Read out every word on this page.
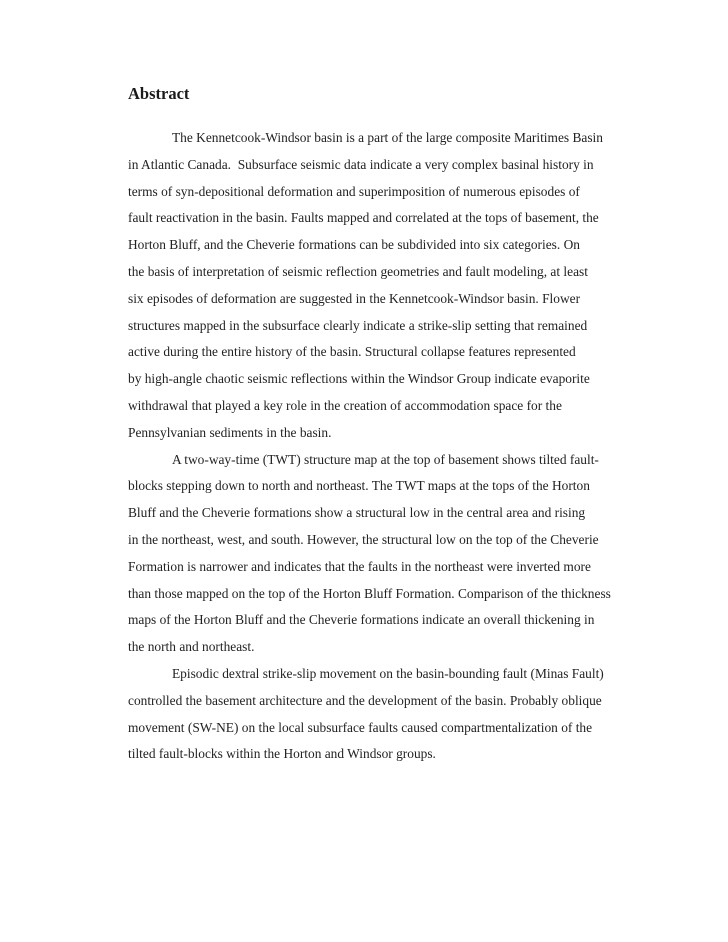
Abstract
The Kennetcook-Windsor basin is a part of the large composite Maritimes Basin
in Atlantic Canada.  Subsurface seismic data indicate a very complex basinal history in
terms of syn-depositional deformation and superimposition of numerous episodes of
fault reactivation in the basin. Faults mapped and correlated at the tops of basement, the
Horton Bluff, and the Cheverie formations can be subdivided into six categories. On
the basis of interpretation of seismic reflection geometries and fault modeling, at least
six episodes of deformation are suggested in the Kennetcook-Windsor basin. Flower
structures mapped in the subsurface clearly indicate a strike-slip setting that remained
active during the entire history of the basin. Structural collapse features represented
by high-angle chaotic seismic reflections within the Windsor Group indicate evaporite
withdrawal that played a key role in the creation of accommodation space for the
Pennsylvanian sediments in the basin.
A two-way-time (TWT) structure map at the top of basement shows tilted fault-
blocks stepping down to north and northeast. The TWT maps at the tops of the Horton
Bluff and the Cheverie formations show a structural low in the central area and rising
in the northeast, west, and south. However, the structural low on the top of the Cheverie
Formation is narrower and indicates that the faults in the northeast were inverted more
than those mapped on the top of the Horton Bluff Formation. Comparison of the thickness
maps of the Horton Bluff and the Cheverie formations indicate an overall thickening in
the north and northeast.
Episodic dextral strike-slip movement on the basin-bounding fault (Minas Fault)
controlled the basement architecture and the development of the basin. Probably oblique
movement (SW-NE) on the local subsurface faults caused compartmentalization of the
tilted fault-blocks within the Horton and Windsor groups.
